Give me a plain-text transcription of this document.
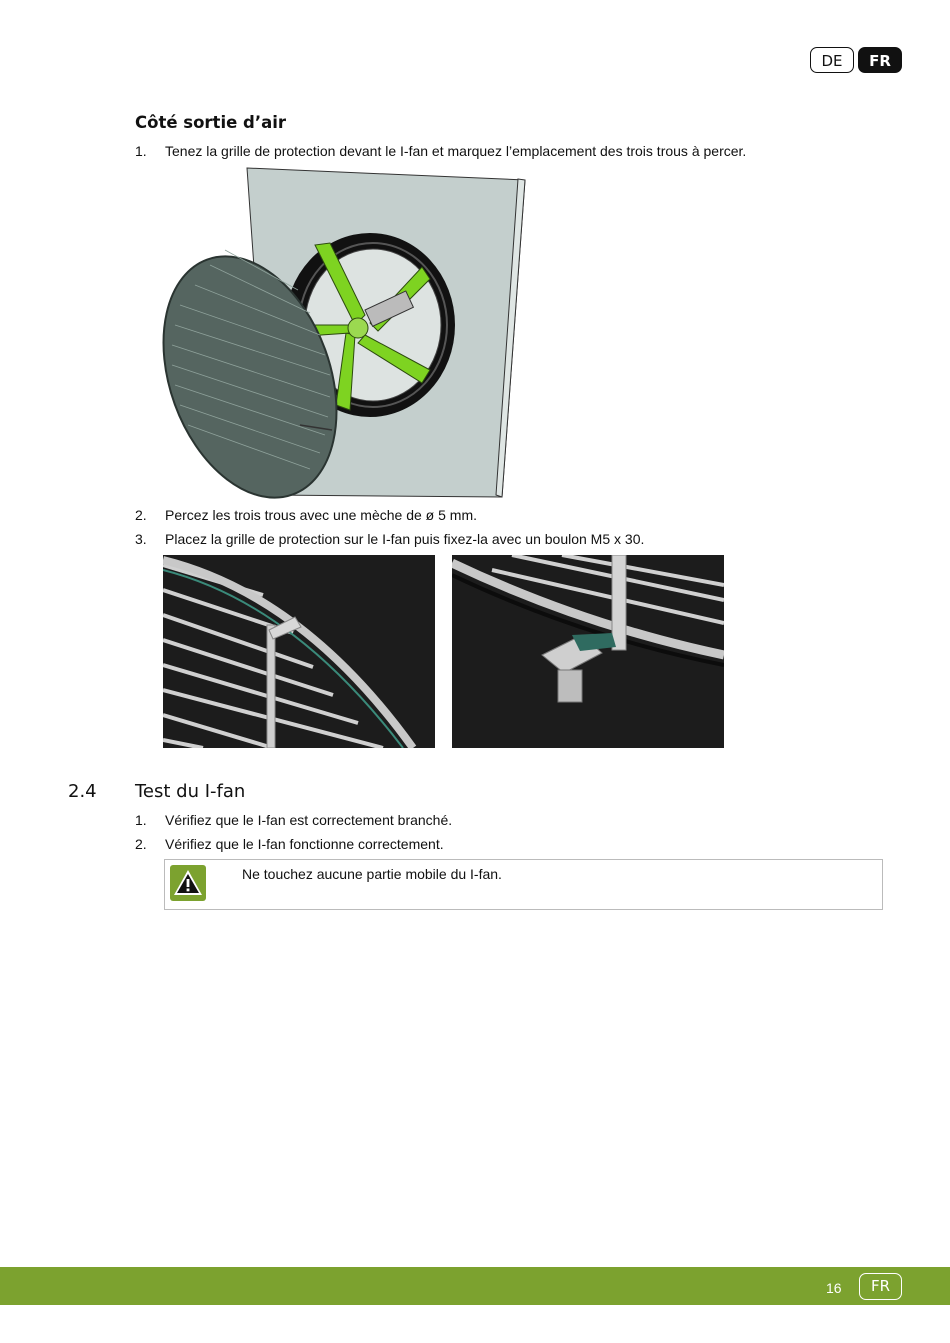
DE	FR
Côté sortie d’air
1. Tenez la grille de protection devant le I-fan et marquez l’emplacement des trois trous à percer.
2. Percez les trois trous avec une mèche de ø 5 mm.
3. Placez la grille de protection sur le I-fan puis fixez-la avec un boulon M5 x 30.
2.4 Test du I-fan
1. Vérifiez que le I-fan est correctement branché.
2. Vérifiez que le I-fan fonctionne correctement.
Ne touchez aucune partie mobile du I-fan.
16	FR
